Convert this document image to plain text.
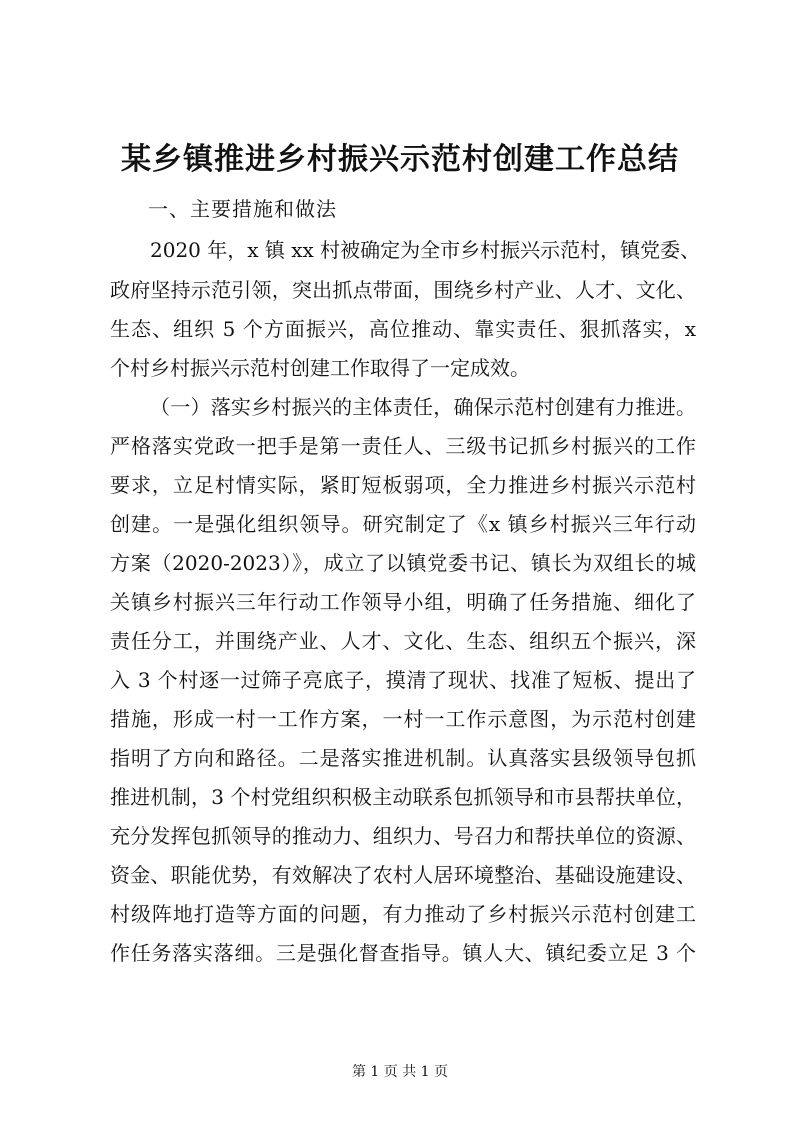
某乡镇推进乡村振兴示范村创建工作总结

一、主要措施和做法

2020 年，x 镇 xx 村被确定为全市乡村振兴示范村，镇党委、

政府坚持示范引领，突出抓点带面，围绕乡村产业、人才、文化、

生态、组织 5 个方面振兴，高位推动、靠实责任、狠抓落实，x

个村乡村振兴示范村创建工作取得了一定成效。

（一）落实乡村振兴的主体责任，确保示范村创建有力推进。

严格落实党政一把手是第一责任人、三级书记抓乡村振兴的工作

要求，立足村情实际，紧盯短板弱项，全力推进乡村振兴示范村

创建。一是强化组织领导。研究制定了《x 镇乡村振兴三年行动

方案（2020-2023）》，成立了以镇党委书记、镇长为双组长的城

关镇乡村振兴三年行动工作领导小组，明确了任务措施、细化了

责任分工，并围绕产业、人才、文化、生态、组织五个振兴，深

入 3 个村逐一过筛子亮底子，摸清了现状、找准了短板、提出了

措施，形成一村一工作方案，一村一工作示意图，为示范村创建

指明了方向和路径。二是落实推进机制。认真落实县级领导包抓

推进机制，3 个村党组织积极主动联系包抓领导和市县帮扶单位，

充分发挥包抓领导的推动力、组织力、号召力和帮扶单位的资源、

资金、职能优势，有效解决了农村人居环境整治、基础设施建设、

村级阵地打造等方面的问题，有力推动了乡村振兴示范村创建工

作任务落实落细。三是强化督查指导。镇人大、镇纪委立足 3 个

第 1 页 共 1 页
